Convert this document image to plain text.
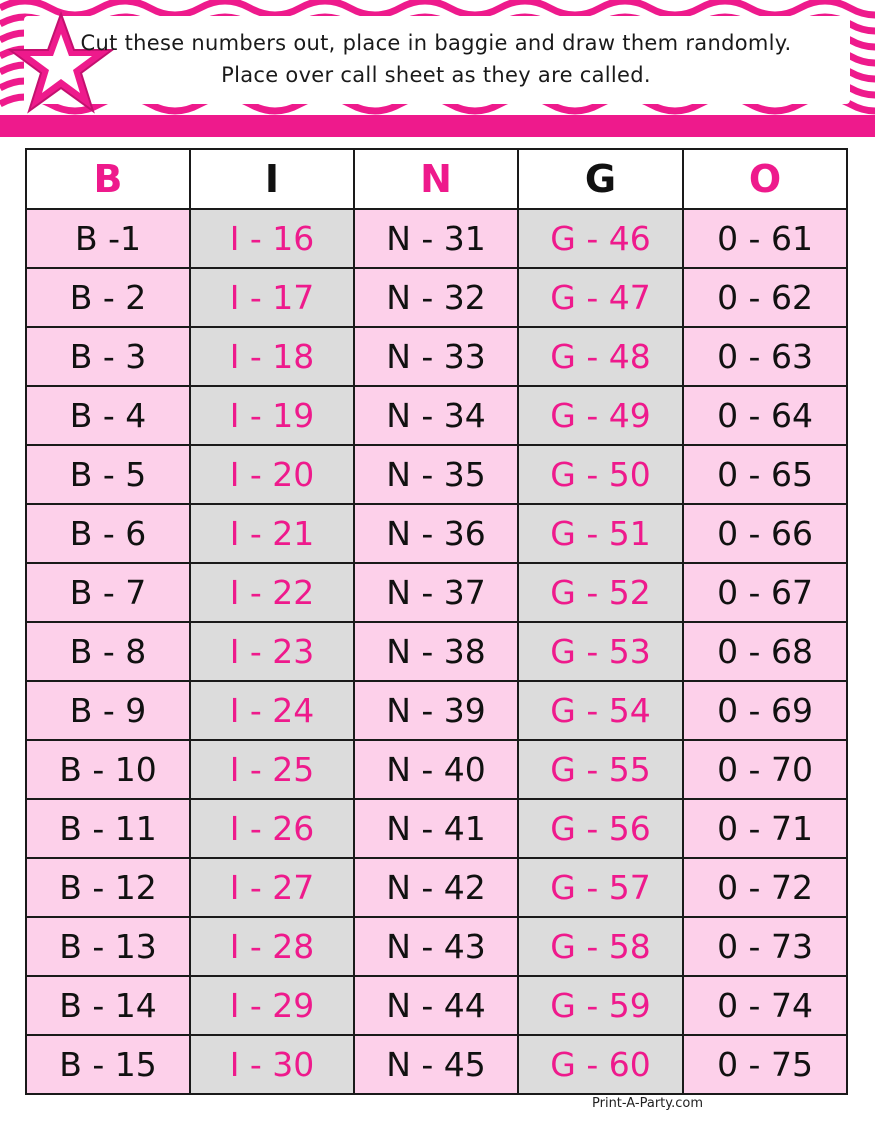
Cut these numbers out, place in baggie and draw them randomly.
Place over call sheet as they are called.
B	I	N	G	O
B -1	I - 16	N - 31	G - 46	0 - 61
B - 2	I - 17	N - 32	G - 47	0 - 62
B - 3	I - 18	N - 33	G - 48	0 - 63
B - 4	I - 19	N - 34	G - 49	0 - 64
B - 5	I - 20	N - 35	G - 50	0 - 65
B - 6	I - 21	N - 36	G - 51	0 - 66
B - 7	I - 22	N - 37	G - 52	0 - 67
B - 8	I - 23	N - 38	G - 53	0 - 68
B - 9	I - 24	N - 39	G - 54	0 - 69
B - 10	I - 25	N - 40	G - 55	0 - 70
B - 11	I - 26	N - 41	G - 56	0 - 71
B - 12	I - 27	N - 42	G - 57	0 - 72
B - 13	I - 28	N - 43	G - 58	0 - 73
B - 14	I - 29	N - 44	G - 59	0 - 74
B - 15	I - 30	N - 45	G - 60	0 - 75
Print-A-Party.com
